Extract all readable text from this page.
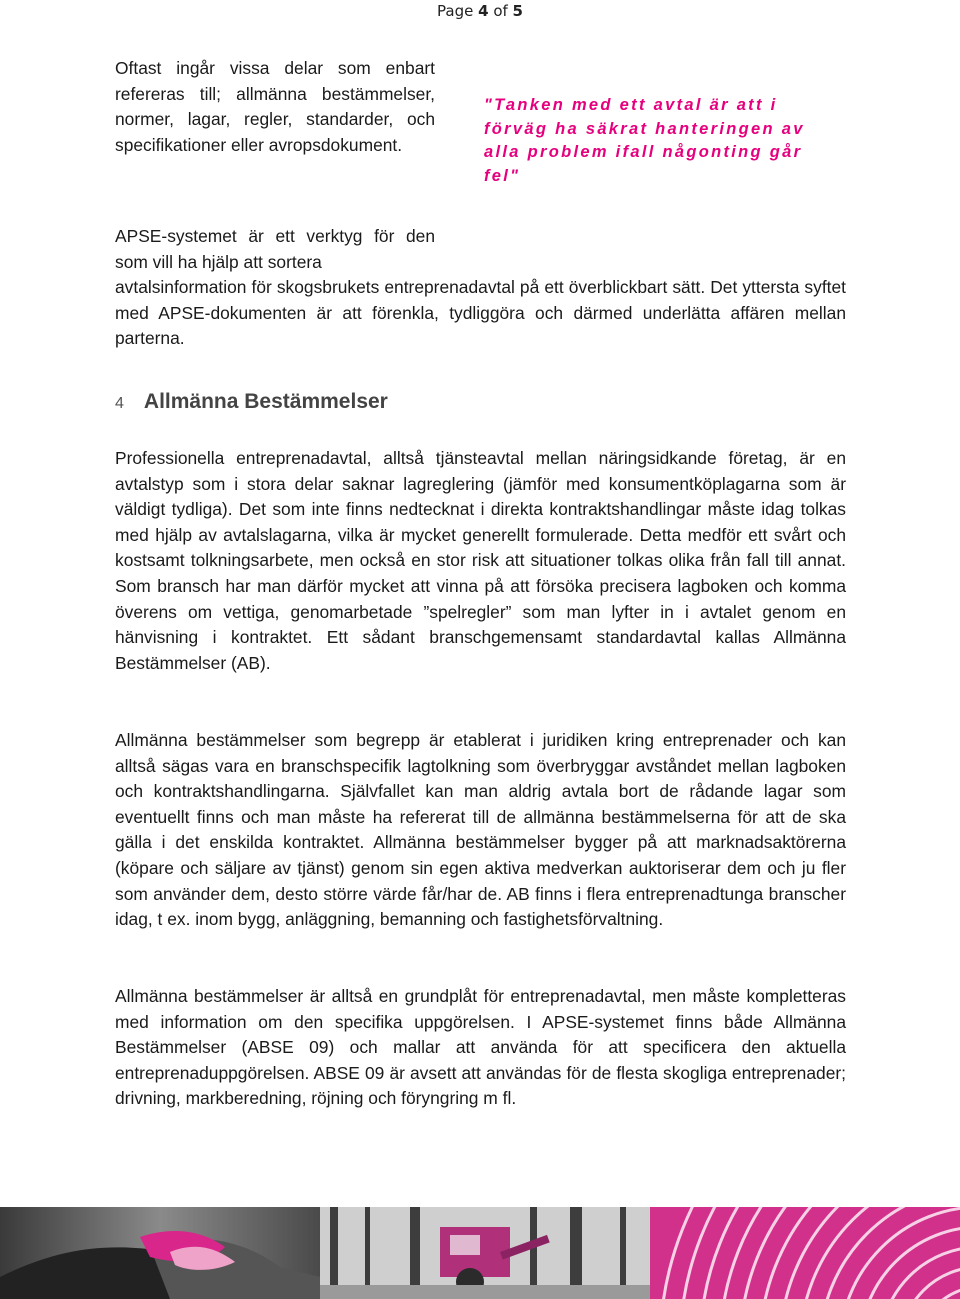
Page 4 of 5

Oftast ingår vissa delar som enbart refereras till; allmänna bestämmelser, normer, lagar, regler, standarder, och specifikationer eller avropsdokument.

"Tanken med ett avtal är att i förväg ha säkrat hanteringen av alla problem ifall någonting går fel"

APSE-systemet är ett verktyg för den som vill ha hjälp att sortera

avtalsinformation för skogsbrukets entreprenadavtal på ett överblickbart sätt. Det yttersta syftet med APSE-dokumenten är att förenkla, tydliggöra och därmed underlätta affären mellan parterna.

4 Allmänna Bestämmelser

Professionella entreprenadavtal, alltså tjänsteavtal mellan näringsidkande företag, är en avtalstyp som i stora delar saknar lagreglering (jämför med konsumentköplagarna som är väldigt tydliga). Det som inte finns nedtecknat i direkta kontraktshandlingar måste idag tolkas med hjälp av avtalslagarna, vilka är mycket generellt formulerade. Detta medför ett svårt och kostsamt tolkningsarbete, men också en stor risk att situationer tolkas olika från fall till annat. Som bransch har man därför mycket att vinna på att försöka precisera lagboken och komma överens om vettiga, genomarbetade ”spelregler” som man lyfter in i avtalet genom en hänvisning i kontraktet. Ett sådant branschgemensamt standardavtal kallas Allmänna Bestämmelser (AB).

Allmänna bestämmelser som begrepp är etablerat i juridiken kring entreprenader och kan alltså sägas vara en branschspecifik lagtolkning som överbryggar avståndet mellan lagboken och kontraktshandlingarna. Självfallet kan man aldrig avtala bort de rådande lagar som eventuellt finns och man måste ha refererat till de allmänna bestämmelserna för att de ska gälla i det enskilda kontraktet. Allmänna bestämmelser bygger på att marknadsaktörerna (köpare och säljare av tjänst) genom sin egen aktiva medverkan auktoriserar dem och ju fler som använder dem, desto större värde får/har de. AB finns i flera entreprenadtunga branscher idag, t ex. inom bygg, anläggning, bemanning och fastighetsförvaltning.

Allmänna bestämmelser är alltså en grundplåt för entreprenadavtal, men måste kompletteras med information om den specifika uppgörelsen. I APSE-systemet finns både Allmänna Bestämmelser (ABSE 09) och mallar att använda för att specificera den aktuella entreprenaduppgörelsen. ABSE 09 är avsett att användas för de flesta skogliga entreprenader; drivning, markberedning, röjning och föryngring m fl.
